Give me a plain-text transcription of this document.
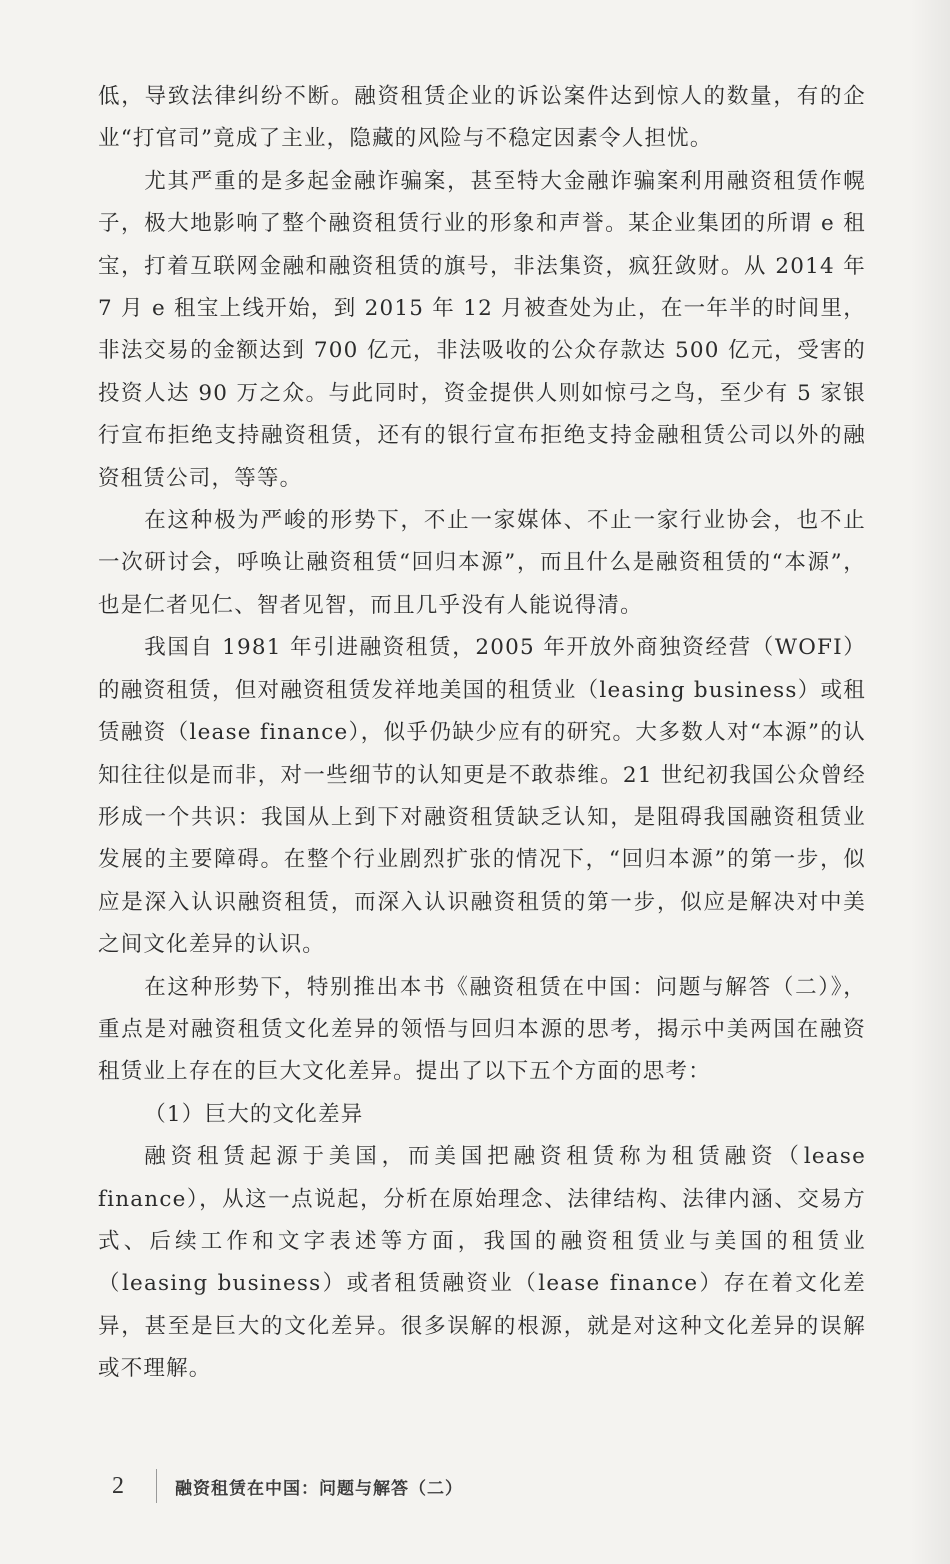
低，导致法律纠纷不断。融资租赁企业的诉讼案件达到惊人的数量，有的企业“打官司”竟成了主业，隐藏的风险与不稳定因素令人担忧。

尤其严重的是多起金融诈骗案，甚至特大金融诈骗案利用融资租赁作幌子，极大地影响了整个融资租赁行业的形象和声誉。某企业集团的所谓 e 租宝，打着互联网金融和融资租赁的旗号，非法集资，疯狂敛财。从 2014 年 7 月 e 租宝上线开始，到 2015 年 12 月被查处为止，在一年半的时间里，非法交易的金额达到 700 亿元，非法吸收的公众存款达 500 亿元，受害的投资人达 90 万之众。与此同时，资金提供人则如惊弓之鸟，至少有 5 家银行宣布拒绝支持融资租赁，还有的银行宣布拒绝支持金融租赁公司以外的融资租赁公司，等等。

在这种极为严峻的形势下，不止一家媒体、不止一家行业协会，也不止一次研讨会，呼唤让融资租赁“回归本源”，而且什么是融资租赁的“本源”，也是仁者见仁、智者见智，而且几乎没有人能说得清。

我国自 1981 年引进融资租赁，2005 年开放外商独资经营（WOFI）的融资租赁，但对融资租赁发祥地美国的租赁业（leasing business）或租赁融资（lease finance），似乎仍缺少应有的研究。大多数人对“本源”的认知往往似是而非，对一些细节的认知更是不敢恭维。21 世纪初我国公众曾经形成一个共识：我国从上到下对融资租赁缺乏认知，是阻碍我国融资租赁业发展的主要障碍。在整个行业剧烈扩张的情况下，“回归本源”的第一步，似应是深入认识融资租赁，而深入认识融资租赁的第一步，似应是解决对中美之间文化差异的认识。

在这种形势下，特别推出本书《融资租赁在中国：问题与解答（二）》，重点是对融资租赁文化差异的领悟与回归本源的思考，揭示中美两国在融资租赁业上存在的巨大文化差异。提出了以下五个方面的思考：

（1）巨大的文化差异

融资租赁起源于美国，而美国把融资租赁称为租赁融资（lease finance），从这一点说起，分析在原始理念、法律结构、法律内涵、交易方式、后续工作和文字表述等方面，我国的融资租赁业与美国的租赁业（leasing business）或者租赁融资业（lease finance）存在着文化差异，甚至是巨大的文化差异。很多误解的根源，就是对这种文化差异的误解或不理解。

2	融资租赁在中国：问题与解答（二）
